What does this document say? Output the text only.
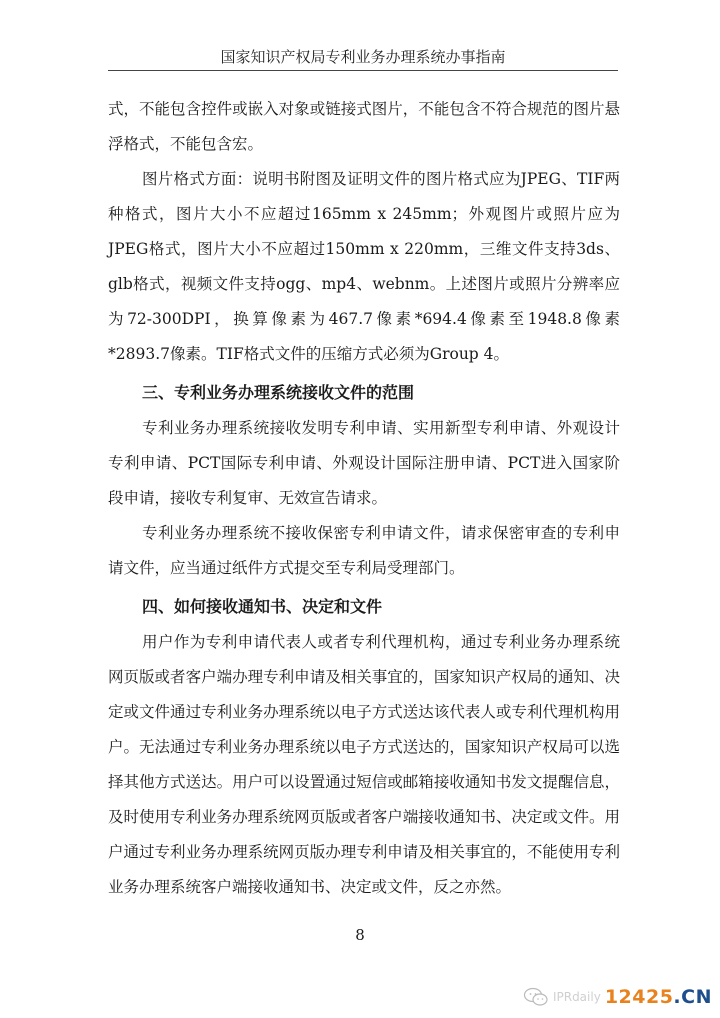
国家知识产权局专利业务办理系统办事指南

式，不能包含控件或嵌入对象或链接式图片，不能包含不符合规范的图片悬浮格式，不能包含宏。

图片格式方面：说明书附图及证明文件的图片格式应为JPEG、TIF两种格式，图片大小不应超过165mm x 245mm；外观图片或照片应为JPEG格式，图片大小不应超过150mm x 220mm，三维文件支持3ds、glb格式，视频文件支持ogg、mp4、webnm。上述图片或照片分辨率应为72-300DPI，换算像素为467.7像素*694.4像素至1948.8像素*2893.7像素。TIF格式文件的压缩方式必须为Group 4。

三、专利业务办理系统接收文件的范围

专利业务办理系统接收发明专利申请、实用新型专利申请、外观设计专利申请、PCT国际专利申请、外观设计国际注册申请、PCT进入国家阶段申请，接收专利复审、无效宣告请求。

专利业务办理系统不接收保密专利申请文件，请求保密审查的专利申请文件，应当通过纸件方式提交至专利局受理部门。

四、如何接收通知书、决定和文件

用户作为专利申请代表人或者专利代理机构，通过专利业务办理系统网页版或者客户端办理专利申请及相关事宜的，国家知识产权局的通知、决定或文件通过专利业务办理系统以电子方式送达该代表人或专利代理机构用户。无法通过专利业务办理系统以电子方式送达的，国家知识产权局可以选择其他方式送达。用户可以设置通过短信或邮箱接收通知书发文提醒信息，及时使用专利业务办理系统网页版或者客户端接收通知书、决定或文件。用户通过专利业务办理系统网页版办理专利申请及相关事宜的，不能使用专利业务办理系统客户端接收通知书、决定或文件，反之亦然。

8
IPRdaily 12425.CN
